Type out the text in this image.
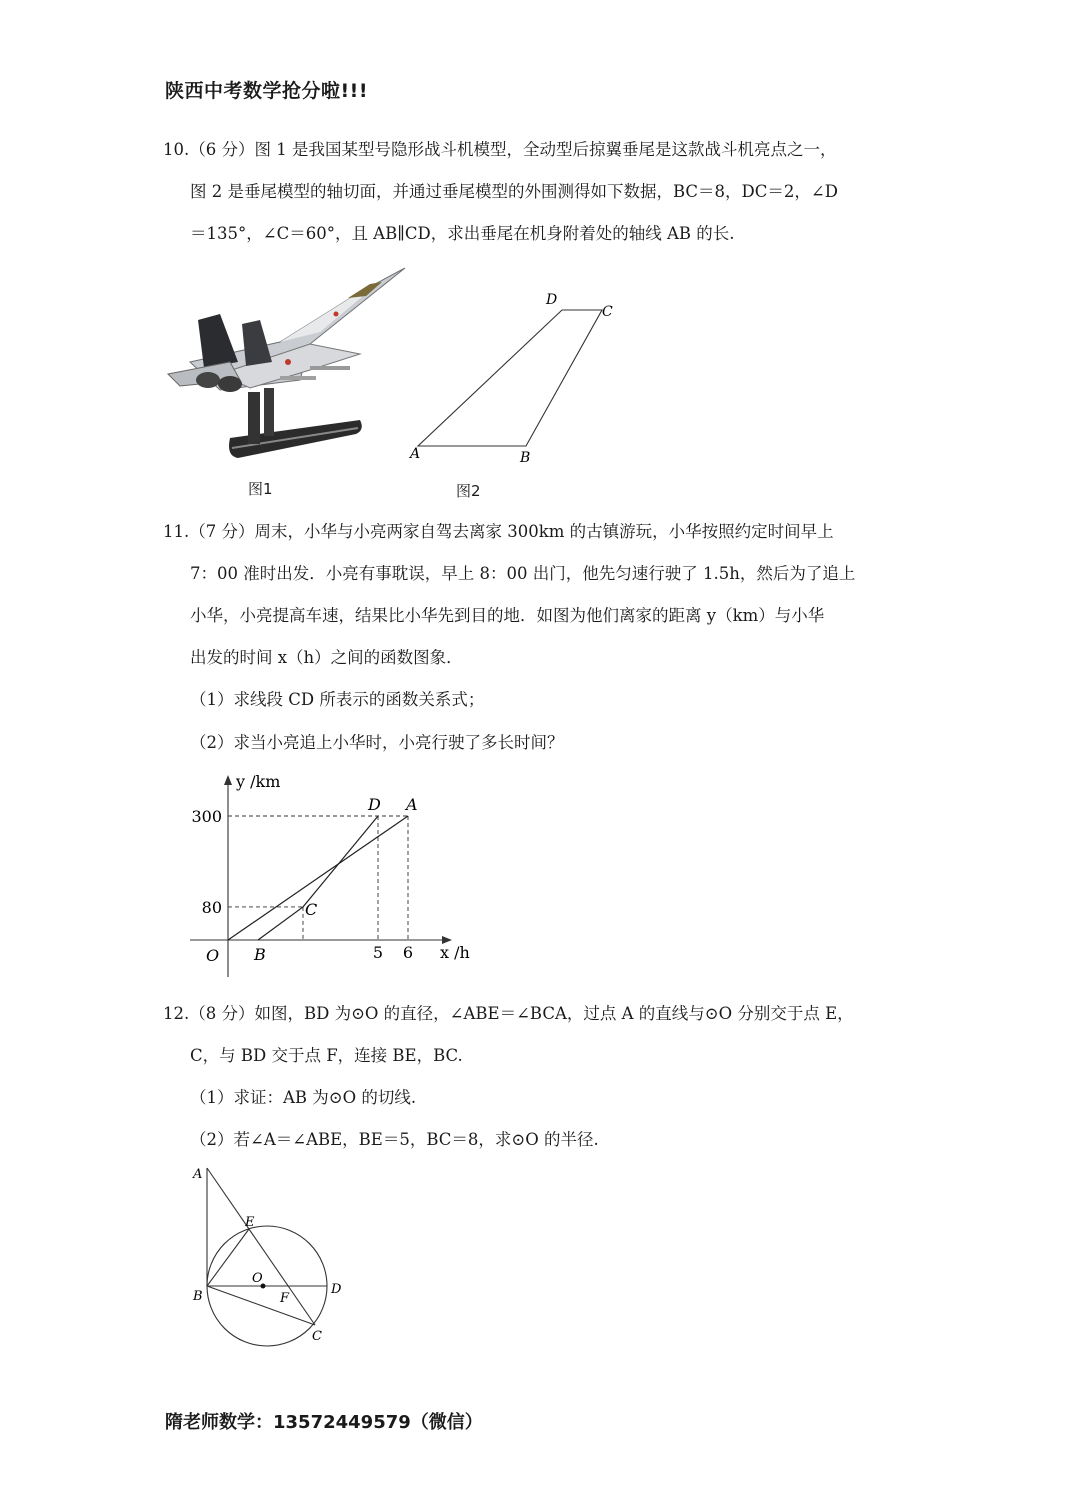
陕西中考数学抢分啦!!!
10.（6 分）图 1 是我国某型号隐形战斗机模型，全动型后掠翼垂尾是这款战斗机亮点之一，
图 2 是垂尾模型的轴切面，并通过垂尾模型的外围测得如下数据，BC＝8，DC＝2，∠D
＝135°，∠C＝60°，且 AB∥CD，求出垂尾在机身附着处的轴线 AB 的长.
图1
A	B
C
D
图2
11.（7 分）周末，小华与小亮两家自驾去离家 300km 的古镇游玩，小华按照约定时间早上
7：00 准时出发．小亮有事耽误，早上 8：00 出门，他先匀速行驶了 1.5h，然后为了追上
小华，小亮提高车速，结果比小华先到目的地．如图为他们离家的距离 y（km）与小华
出发的时间 x（h）之间的函数图象．
（1）求线段 CD 所表示的函数关系式；
（2）求当小亮追上小华时，小亮行驶了多长时间？
y /km
x /h
O
80
300
5 6
A
B
C
D
12.（8 分）如图，BD 为⊙O 的直径，∠ABE＝∠BCA，过点 A 的直线与⊙O 分别交于点 E，
C，与 BD 交于点 F，连接 BE，BC.
（1）求证：AB 为⊙O 的切线.
（2）若∠A＝∠ABE，BE＝5，BC＝8，求⊙O 的半径.
A
B
C
D
E
F
O
隋老师数学：13572449579（微信）
